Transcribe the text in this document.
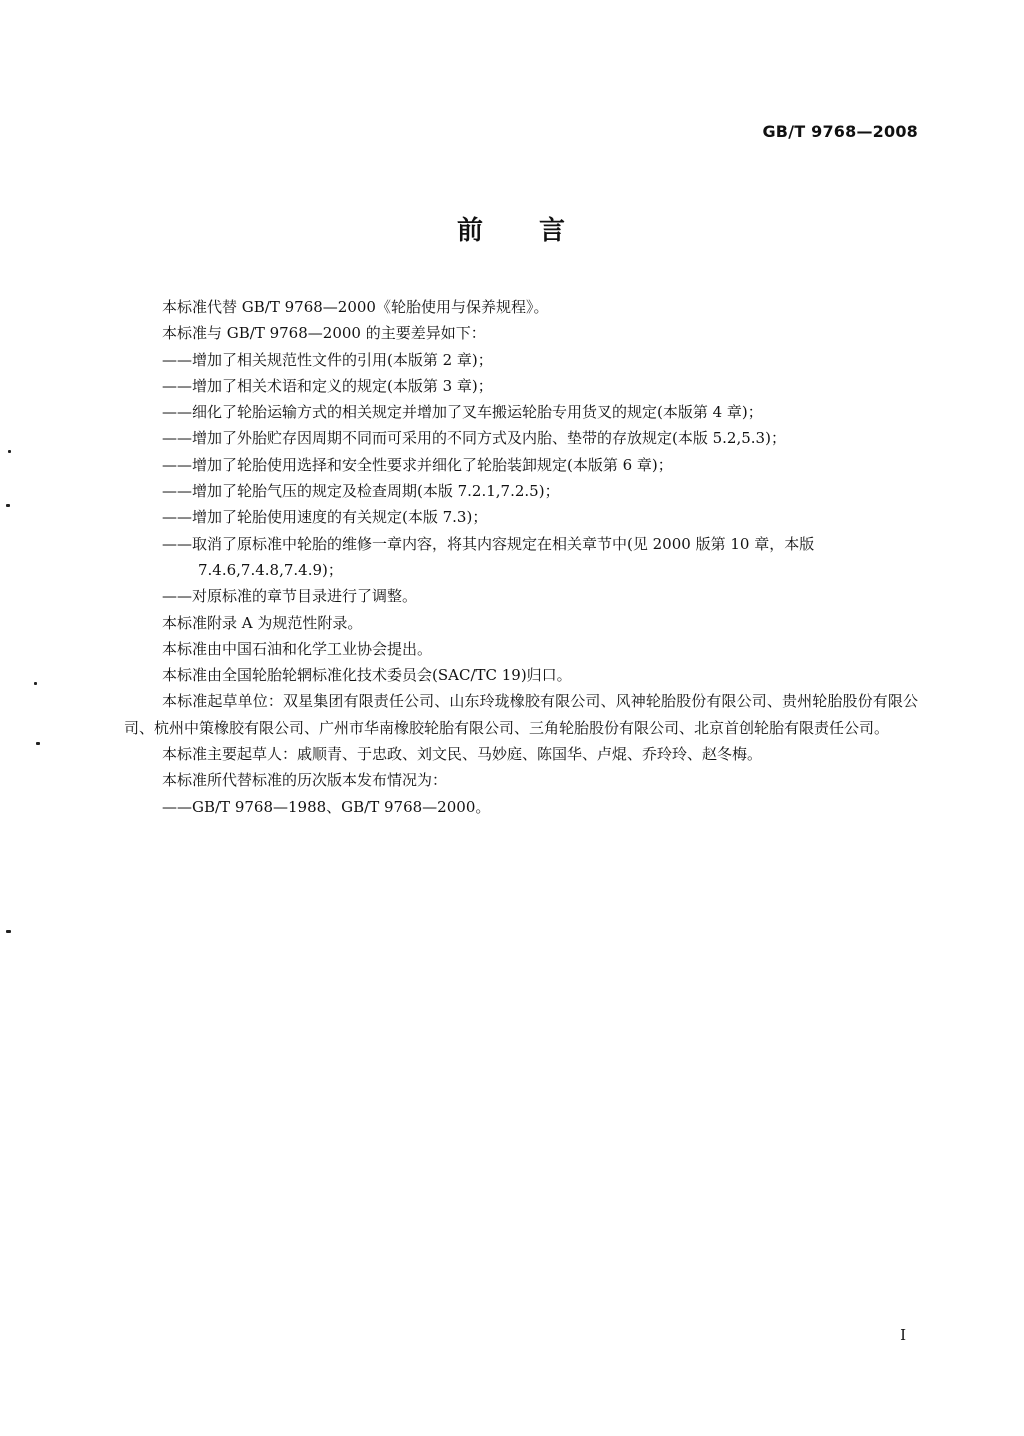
GB/T 9768—2008
前 言

本标准代替 GB/T 9768—2000《轮胎使用与保养规程》。

本标准与 GB/T 9768—2000 的主要差异如下：

——增加了相关规范性文件的引用(本版第 2 章)；

——增加了相关术语和定义的规定(本版第 3 章)；

——细化了轮胎运输方式的相关规定并增加了叉车搬运轮胎专用货叉的规定(本版第 4 章)；

——增加了外胎贮存因周期不同而可采用的不同方式及内胎、垫带的存放规定(本版 5.2,5.3)；

——增加了轮胎使用选择和安全性要求并细化了轮胎装卸规定(本版第 6 章)；

——增加了轮胎气压的规定及检查周期(本版 7.2.1,7.2.5)；

——增加了轮胎使用速度的有关规定(本版 7.3)；

——取消了原标准中轮胎的维修一章内容，将其内容规定在相关章节中(见 2000 版第 10 章，本版 7.4.6,7.4.8,7.4.9)；

——对原标准的章节目录进行了调整。

本标准附录 A 为规范性附录。

本标准由中国石油和化学工业协会提出。

本标准由全国轮胎轮辋标准化技术委员会(SAC/TC 19)归口。

本标准起草单位：双星集团有限责任公司、山东玲珑橡胶有限公司、风神轮胎股份有限公司、贵州轮胎股份有限公司、杭州中策橡胶有限公司、广州市华南橡胶轮胎有限公司、三角轮胎股份有限公司、北京首创轮胎有限责任公司。

本标准主要起草人：戚顺青、于忠政、刘文民、马妙庭、陈国华、卢焜、乔玲玲、赵冬梅。

本标准所代替标准的历次版本发布情况为：

——GB/T 9768—1988、GB/T 9768—2000。

I
